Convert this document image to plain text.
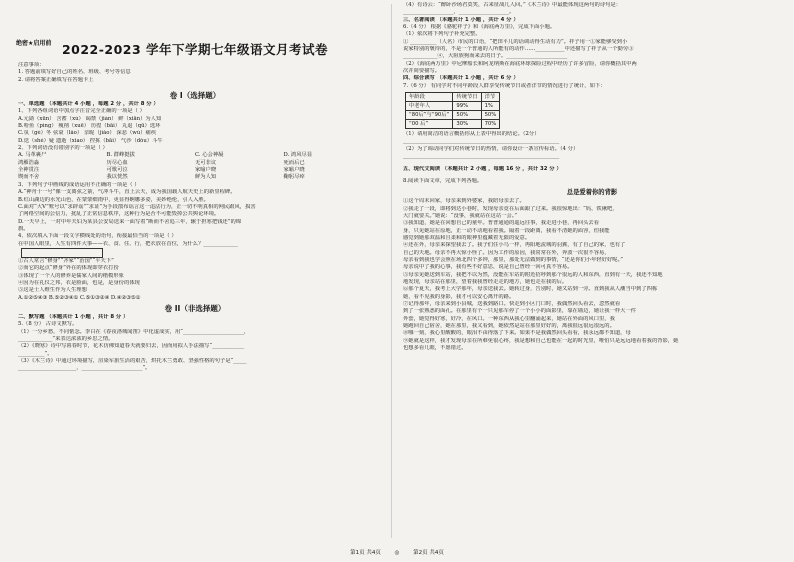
绝密★启用前 2022-2023 学年下学期七年级语文月考试卷
注意事项：
1. 答题前填写好自己的姓名、班级、考号等信息
2. 请将答案正确填写在答题卡上
卷 I（选择题）
一、单选题 （本题共计 4 小题 ，每题 2 分 ，共计 8 分 ）
1、下列各组词语中加点字注音完全正确的一项是（ ）
A.元勋（xūn） 含蓄（xù） 谒禁（jiàn） 鲜（xiān）为人知
B.哈鱼（pìng） 瘦削（xuē） 彷徨（bāi） 丸退（qū）选环
C.氛（gè）冬 弦衰（lǎo） 亲昵（jiǎo） 深恶（wù）痛疾
D.迭（shé）疑 遗逝（xǐao） 控拣（bāi） 气沙（dǒu）斗牛
2、下列词语没有错别字的一项是（ ）
A. 马革裹尸	B. 群峰挺拔	C. 心会神凝	D. 鸿风尽显
鸿雁浩淼	历尽心血	无可非议	死而后已
全神贯注	可歌可泣	家喻户晓	家喻户晓
锲而不舍	我以恍然	鲜为人知	鞠躬尽瘁
3、下列句子中画线的成语运用不正确的一项是（ ）
A.“神舟十一号”像一支离弦之箭，气冲斗牛，直上云天，成为我国载人航天史上的新里程碑。
B.红山湖边的水光山色，在蒙蒙细雨中，更显得婀娜多姿，美妙绝伦，引人入胜。
C.面对“大V”账号以“求辟谣”“求证”为手段散布谣言这一违法行为，正一切不明真相的网民跟风，损害
了网络空间的公信力，扰乱了正常信息秩序，这种行为是否不可能毁掉公共舆论环境。
D.一天早上，一对中年夫妇为某县公安局送来一面写着“断而不舍追三年，辗于担寒把钱还”的锦
旗。
4、依次填入下面一段文字横线处的语句，衔接最恰当的一项是（ ）
在中国人眼里，人生有四件大事——衣、食、住、行，把衣放在首位，为什么？_____________
①古人常言“修身”“齐家”“治国”“平天下”
②而它的起点“修身”外在的体现即穿衣打扮
③体现了一个人的修养是儒家人间的楷模形象
④因为在礼仪之邦，衣是脸面，也是，是身份的体现
⑤这是士人维生作为人生理想
A.①②⑤④③ B.⑤②③④① C.⑤①③②④ D.④②③⑤①
卷 II（非选择题）
二、默写题 （本题共计 1 小题 ，共计 8 分 ）
5.（8 分） 古诗文默写。
（1）一分乡愁，不同惦念。李白在《春夜洛城闻笛》中化虚成实，用“_______________________，
_____________”来表达浓浓的乡思之情。
（2）《晓寒》诗中写暮春时节，花木仿佛知道春天就要归去，因而用拟人手法描写“____________
__________”。
（3）《木兰诗》中通过环境描写，渲染军旅生活的艰苦，烘托木兰勇敢、坚强性格的句子是“_____
______________________，_______________________”。
（4）有诗云：“醉卧沙场君莫笑，古来征战几人回。”《木兰诗》中最能体现这两句的诗句是：
___________________，___________________。
三、名著阅读 （本题共计 1 小题 ，共计 4 分 ）
6.（4 分） 根据《骆驼祥子》和《海底两万里》，完成下面小题。
（1）依次将下列句子补充完整。
① __________（人名）市民的口语，“把田平儿的话调动得生动有力”。祥子用一①家能够受到小
说家特别的褒待的，不是一个普通的人所能有的动作……___________中还描写了祥子从一个勤劳③
_____________④，大阻族狗而来去的日子。_______________________
（2）《海底两万里》中尼摩船长和阿龙纳斯在海底环球探险过程中经历了许多冒险，请你概括其中两
次并简要描写。
四、综合读写 （本题共计 1 小题 ，共计 6 分 ）
7.（6 分） 有同学对不同年龄段人群享受传统节日或者洋节的情况进行了统计，如下：
年龄段	传统节日	洋节
中老年人	99%	1%
“80后”与“90后”	50%	50%
“00 后”	30%	70%
（1）请用简洁的语言概括你从上表中得出的结论。（2分）
___________________________________________________________
（2）为了调动同学们对传统节日的热情，请你设计一条宣传标语。（4 分）
___________________________________________________________
五、现代文阅读 （本题共计 2 小题 ，每题 16 分 ，共计 32 分 ）
8.阅读下面文章，完成下列各题。
总是爱着你的背影
①这个周末回家，母亲来到外婆家，我陪母亲去了。
②我走了一段，即将到达小巷时，发现母亲竟在后面跟了过来。我很惊地出：“妈，铁锹吧，
大门就要关。”她说：“没事，我就站在这站一会。”
③我知道，她是在回想自己的童年。普普通通的遥远往事，我走进小巷，再回头去看
身，只见她站在原地，正一动不动地看着我。隔着一段距离，我看不清她的面容，但我能
感觉到她那双温和且柔和的眼神里蕴藏着无限的爱意。
④还在外，母亲来探望我去了。我子们住小乌一样，再阳地流城的羽翼，有了自己的家，也有了
自己的天地。母亲不再大惊小怪了。因为工作的原因，我常常在外，奔波一次很不容易，
母亲看到我也学会照在场北四个多钟，那里，那处无法做到的事情，“还是你们小年轻好好呢。”
母亲说中了我的心事，我有些不好意思，说是自己曾经一回可真不容易。
⑤母亲见她送到车站，我把不以为然，没能在车站的附近招呼到那个很远的人和东西，直到有一天，我还不知地
地发现，母亲站在那里，望着我我曾经走走的地方，她也走在我的后。
⑥那个夏天，我考上大学那年，母亲送我去。她转过身，告别时，她又站到一旁。直到我从人潮当中到了四栋
她，看不见我的身影，我才可以安心离开的路。
⑦记得那年，母亲来到小县城，送我到路口。快走到小区门口时，我偶然回头看去，忽然就看
到了一张熟悉的面孔。在那里有个一只见那车停了一个小小的面影里，靠在墙边，她让我一样大一件
外套，她觉得好寒，好冷，在风口。一种东西从我心里翻涌起来，她站在外面的风口里，我
她跑回自己宿舍，她在那里，我又看到，她依然是站在那里好好的，离我很远很远很远的。
⑧哪一刻，我心里酸酸的，眼泪不由得落了下来。如果不是我偶然回头看看，我永远都不知道，母
⑨她就是这样，我才发现母亲在所难免很心疼，我是想和自己也能在一起的时光里，唯怕只是远远地看着我的背影，她
也想多看几眼，不愿错过。
第1页 共4页	◎	第2页 共4页
